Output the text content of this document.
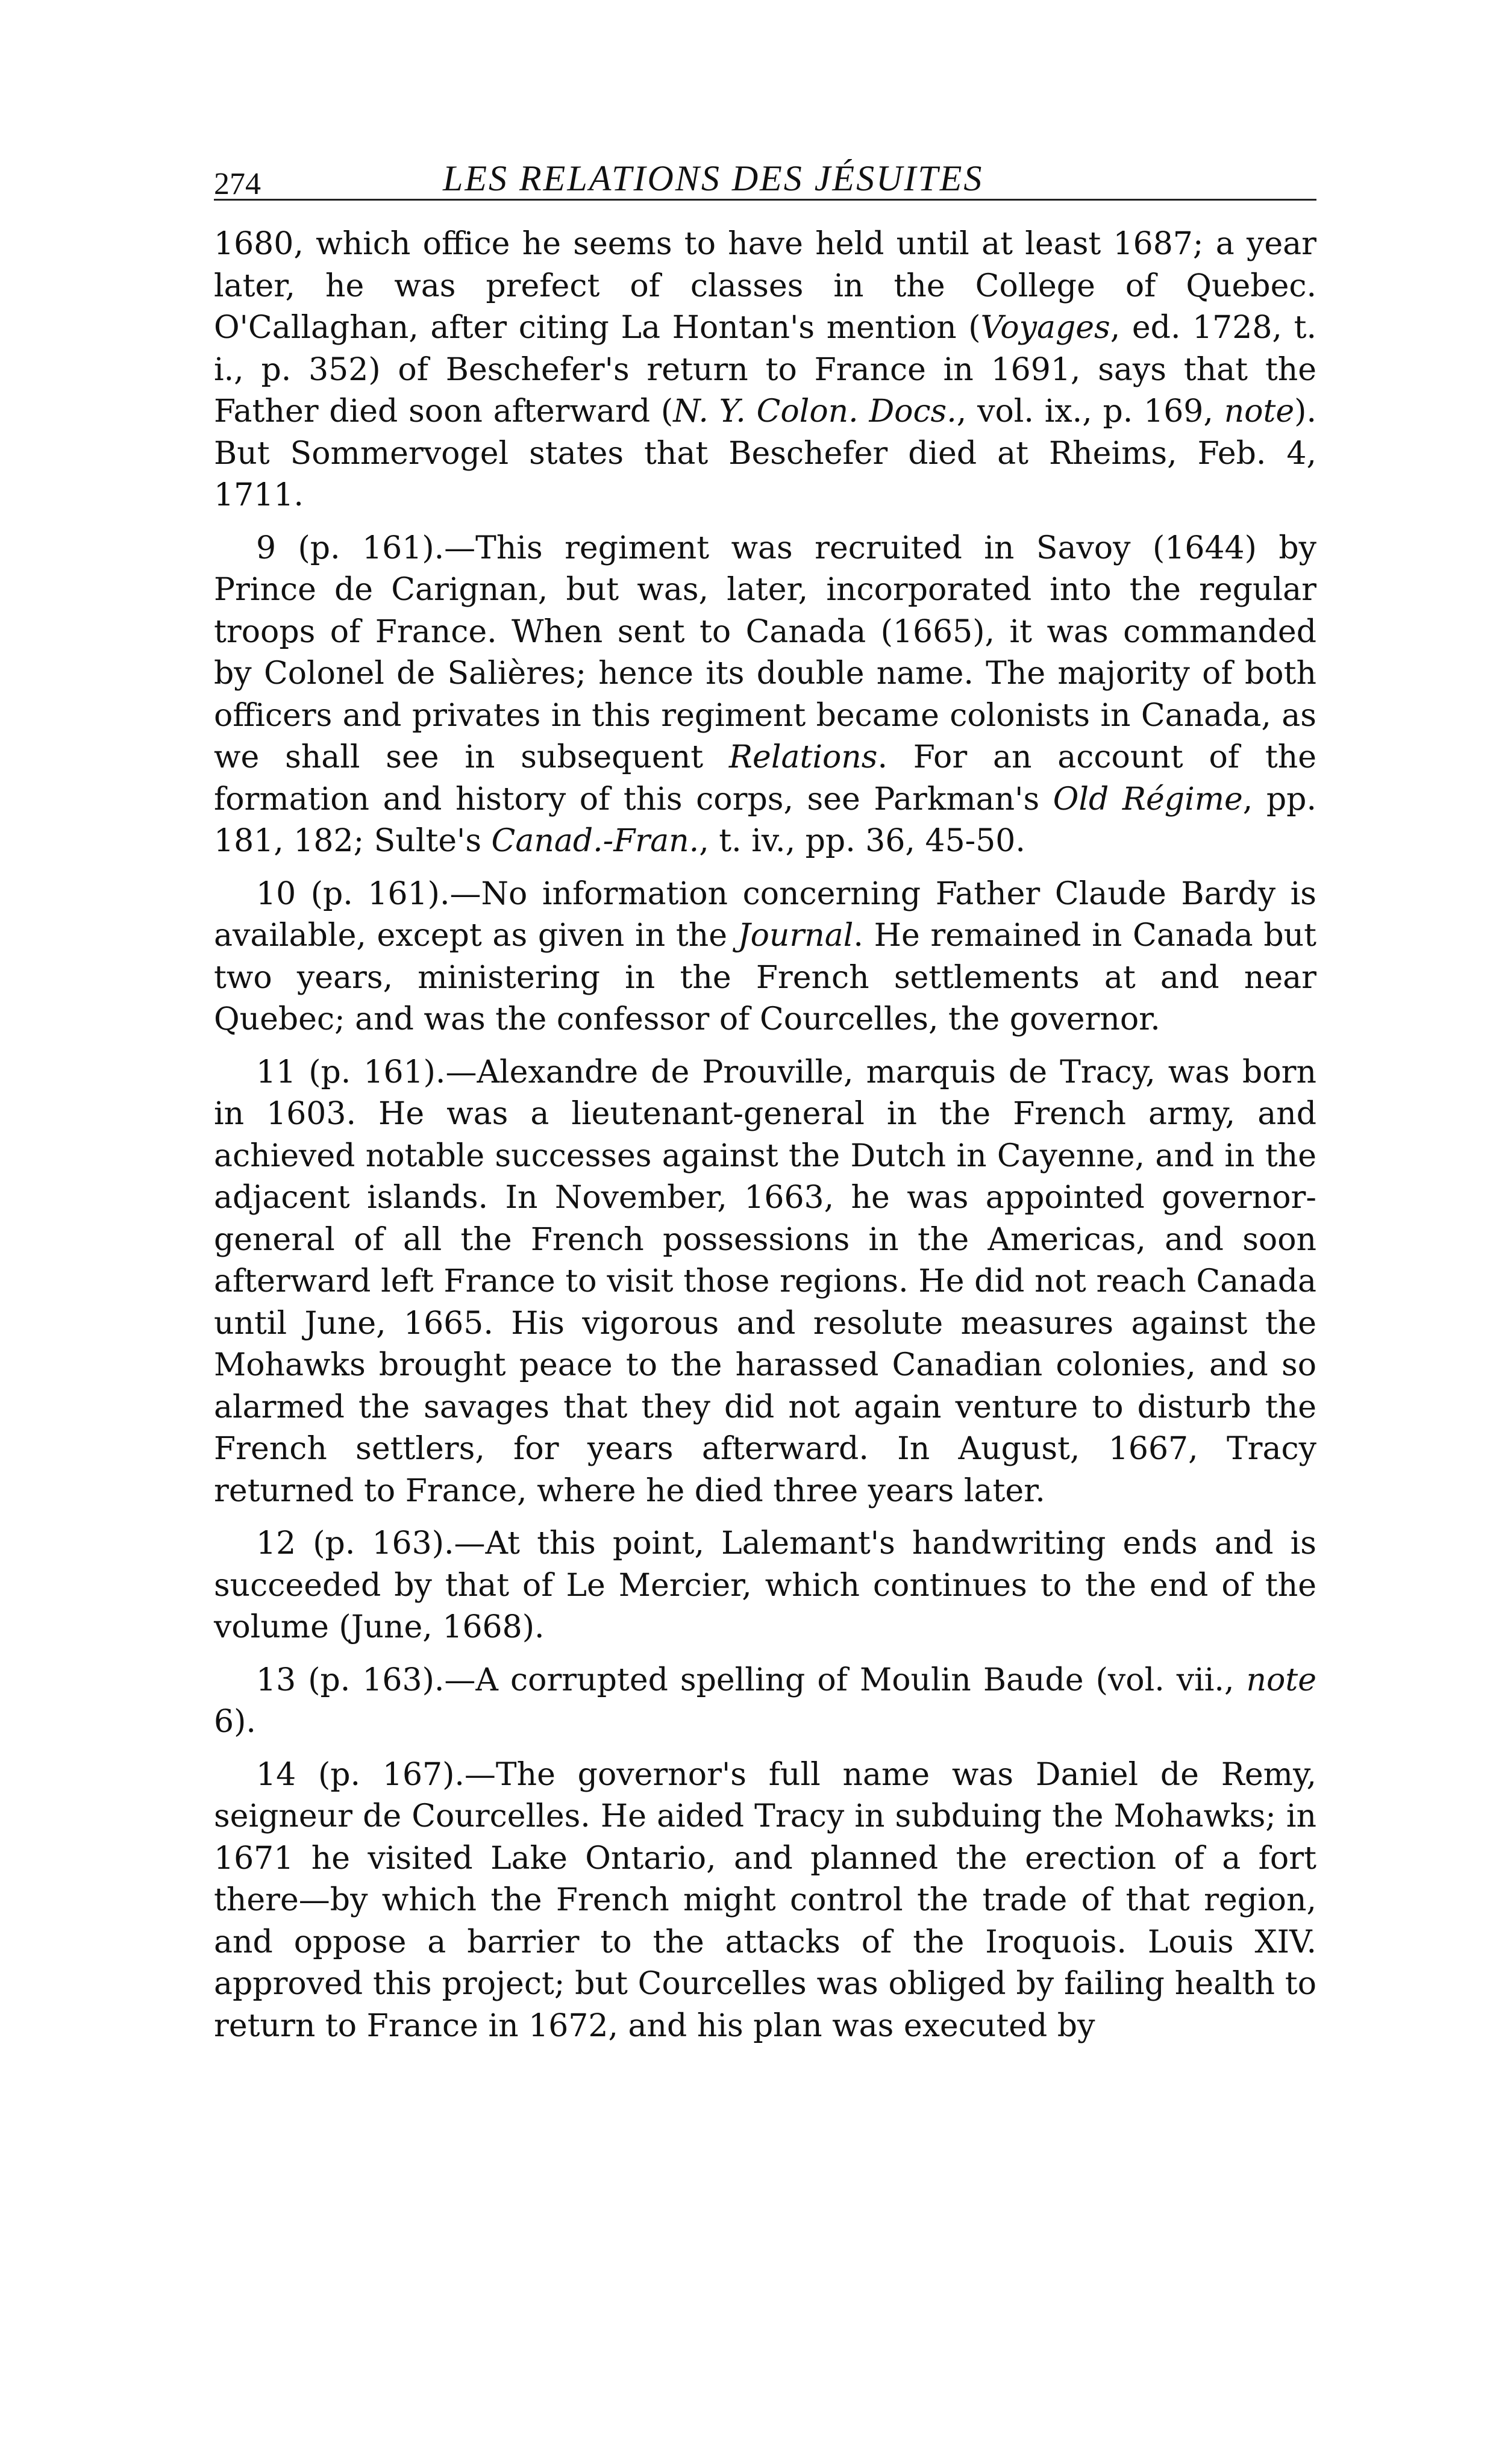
274	LES RELATIONS DES JÉSUITES

1680, which office he seems to have held until at least 1687; a year later, he was prefect of classes in the College of Quebec. O'Callaghan, after citing La Hontan's mention (Voyages, ed. 1728, t. i., p. 352) of Beschefer's return to France in 1691, says that the Father died soon afterward (N. Y. Colon. Docs., vol. ix., p. 169, note). But Sommervogel states that Beschefer died at Rheims, Feb. 4, 1711.

9 (p. 161).—This regiment was recruited in Savoy (1644) by Prince de Carignan, but was, later, incorporated into the regular troops of France. When sent to Canada (1665), it was commanded by Colonel de Salières; hence its double name. The majority of both officers and privates in this regiment became colonists in Canada, as we shall see in subsequent Relations. For an account of the formation and history of this corps, see Parkman's Old Régime, pp. 181, 182; Sulte's Canad.-Fran., t. iv., pp. 36, 45-50.

10 (p. 161).—No information concerning Father Claude Bardy is available, except as given in the Journal. He remained in Canada but two years, ministering in the French settlements at and near Quebec; and was the confessor of Courcelles, the governor.

11 (p. 161).—Alexandre de Prouville, marquis de Tracy, was born in 1603. He was a lieutenant-general in the French army, and achieved notable successes against the Dutch in Cayenne, and in the adjacent islands. In November, 1663, he was appointed governor-general of all the French possessions in the Americas, and soon afterward left France to visit those regions. He did not reach Canada until June, 1665. His vigorous and resolute measures against the Mohawks brought peace to the harassed Canadian colonies, and so alarmed the savages that they did not again venture to disturb the French settlers, for years afterward. In August, 1667, Tracy returned to France, where he died three years later.

12 (p. 163).—At this point, Lalemant's handwriting ends and is succeeded by that of Le Mercier, which continues to the end of the volume (June, 1668).

13 (p. 163).—A corrupted spelling of Moulin Baude (vol. vii., note 6).

14 (p. 167).—The governor's full name was Daniel de Remy, seigneur de Courcelles. He aided Tracy in subduing the Mohawks; in 1671 he visited Lake Ontario, and planned the erection of a fort there—by which the French might control the trade of that region, and oppose a barrier to the attacks of the Iroquois. Louis XIV. approved this project; but Courcelles was obliged by failing health to return to France in 1672, and his plan was executed by
